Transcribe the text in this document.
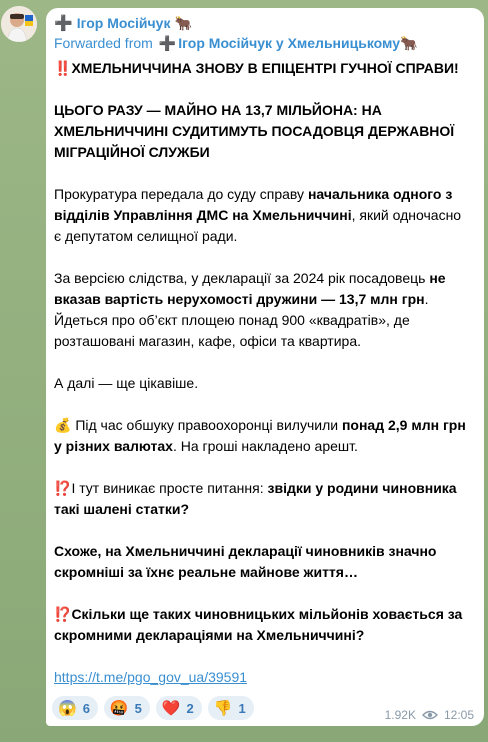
➕ Ігор Мосійчук 🐂
Forwarded from ➕ Ігор Мосійчук у Хмельницькому 🐂

‼️ХМЕЛЬНИЧЧИНА ЗНОВУ В ЕПІЦЕНТРІ ГУЧНОЇ СПРАВИ!

ЦЬОГО РАЗУ — МАЙНО НА 13,7 МІЛЬЙОНА: НА ХМЕЛЬНИЧЧИНІ СУДИТИМУТЬ ПОСАДОВЦЯ ДЕРЖАВНОЇ МІГРАЦІЙНОЇ СЛУЖБИ

Прокуратура передала до суду справу начальника одного з відділів Управління ДМС на Хмельниччині, який одночасно є депутатом селищної ради.

За версією слідства, у декларації за 2024 рік посадовець не вказав вартість нерухомості дружини — 13,7 млн грн. Йдеться про об’єкт площею понад 900 «квадратів», де розташовані магазин, кафе, офіси та квартира.

А далі — ще цікавіше.

💰 Під час обшуку правоохоронці вилучили понад 2,9 млн грн у різних валютах. На гроші накладено арешт.

⁉️І тут виникає просте питання: звідки у родини чиновника такі шалені статки?

Схоже, на Хмельниччині декларації чиновників значно скромніші за їхнє реальне майнове життя…

⁉️Скільки ще таких чиновницьких мільйонів ховається за скромними деклараціями на Хмельниччині?

https://t.me/pgo_gov_ua/39591

😱 6 🤬 5 ❤️ 2 👎 1	1.92K 12:05
